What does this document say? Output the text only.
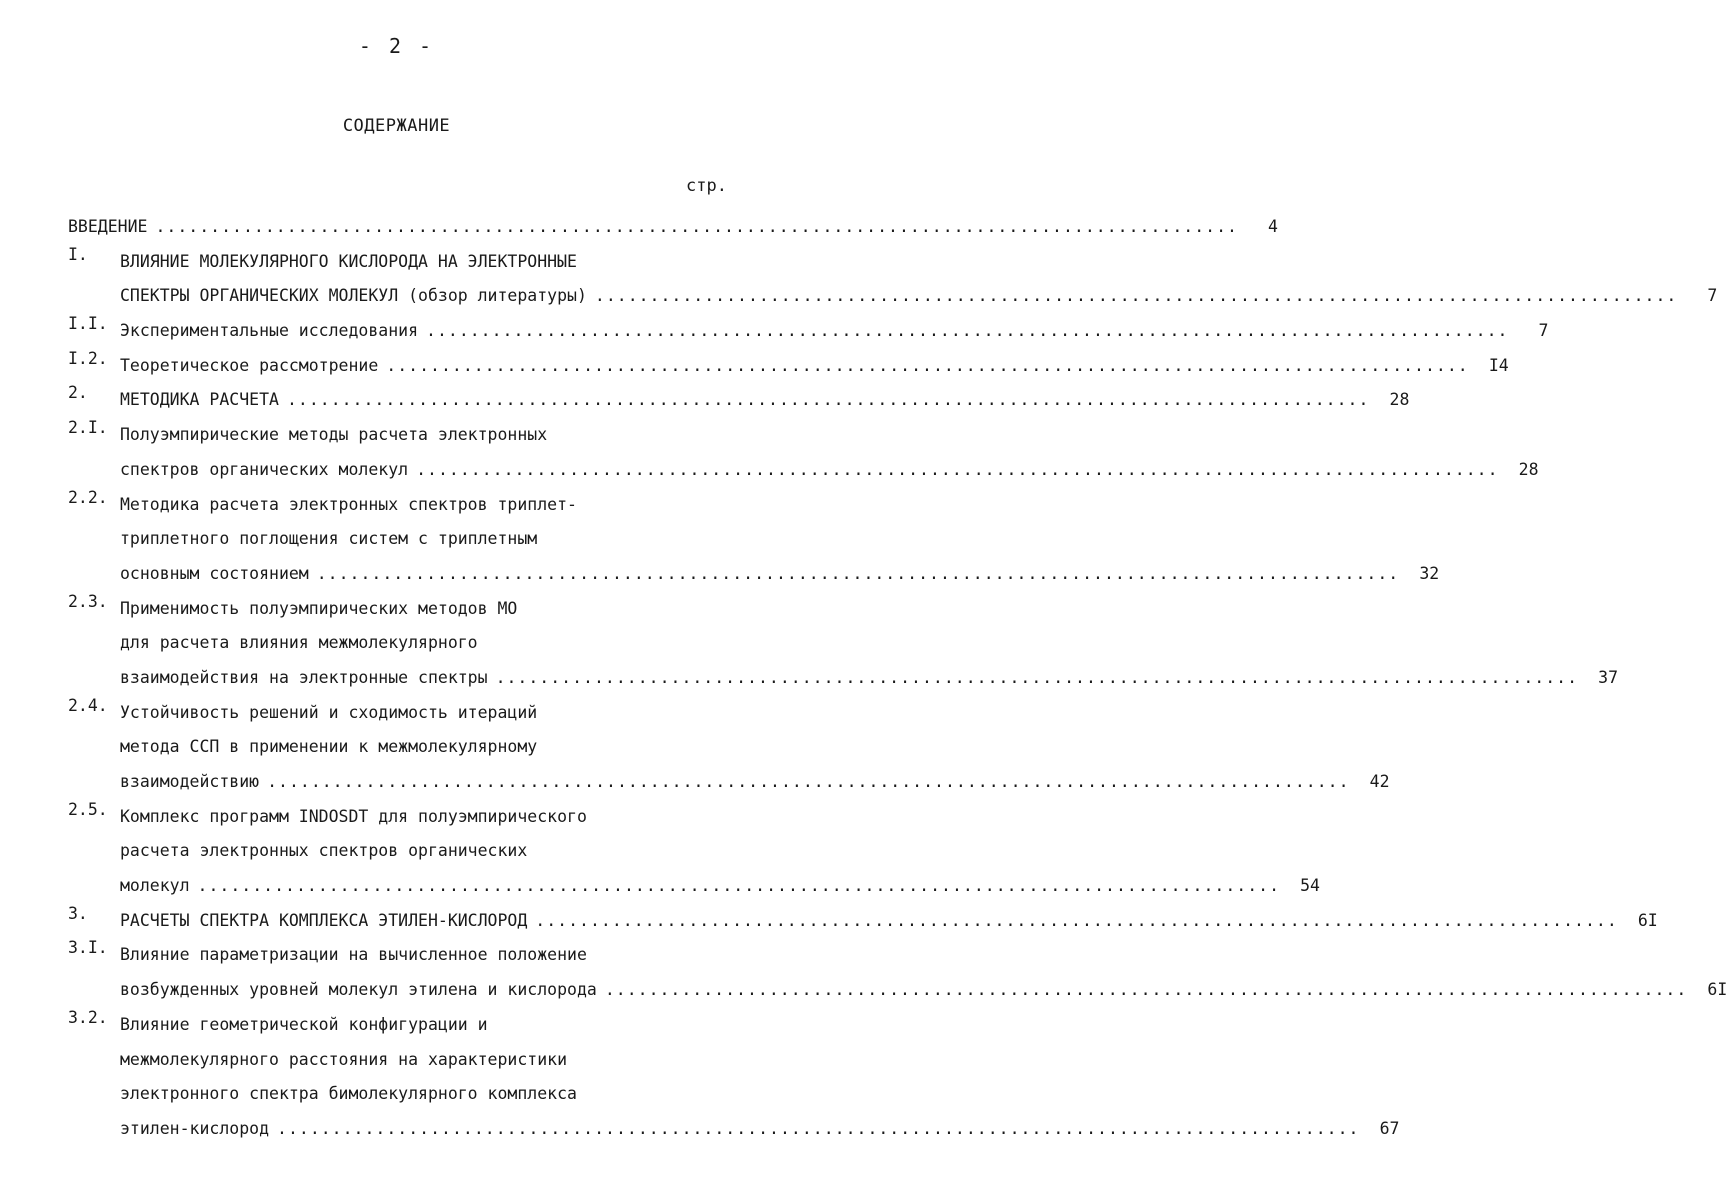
- 2 -
СОДЕРЖАНИЕ
стр.
ВВЕДЕНИЕ ...................................................................................................	4
I.	ВЛИЯНИЕ МОЛЕКУЛЯРНОГО КИСЛОРОДА НА ЭЛЕКТРОННЫЕ
СПЕКТРЫ ОРГАНИЧЕСКИХ МОЛЕКУЛ (обзор литературы) ...................................................................................................	7
I.I. Экспериментальные исследования ...................................................................................................	7
I.2. Теоретическое рассмотрение ...................................................................................................	I4
2.	МЕТОДИКА РАСЧЕТА ...................................................................................................	28
2.I. Полуэмпирические методы расчета электронных
спектров органических молекул ...................................................................................................	28
2.2. Методика расчета электронных спектров триплет-
триплетного поглощения систем с триплетным
основным состоянием ...................................................................................................	32
2.3. Применимость полуэмпирических методов МО
для расчета влияния межмолекулярного
взаимодействия на электронные спектры ...................................................................................................	37
2.4. Устойчивость решений и сходимость итераций
метода ССП в применении к межмолекулярному
взаимодействию ...................................................................................................	42
2.5. Комплекс программ INDOSDT для полуэмпирического
расчета электронных спектров органических
молекул ...................................................................................................	54
3.	РАСЧЕТЫ СПЕКТРА КОМПЛЕКСА ЭТИЛЕН-КИСЛОРОД ...................................................................................................	6I
3.I. Влияние параметризации на вычисленное положение
возбужденных уровней молекул этилена и кислорода ...................................................................................................	6I
3.2. Влияние геометрической конфигурации и
межмолекулярного расстояния на характеристики
электронного спектра бимолекулярного комплекса
этилен-кислород ...................................................................................................	67
